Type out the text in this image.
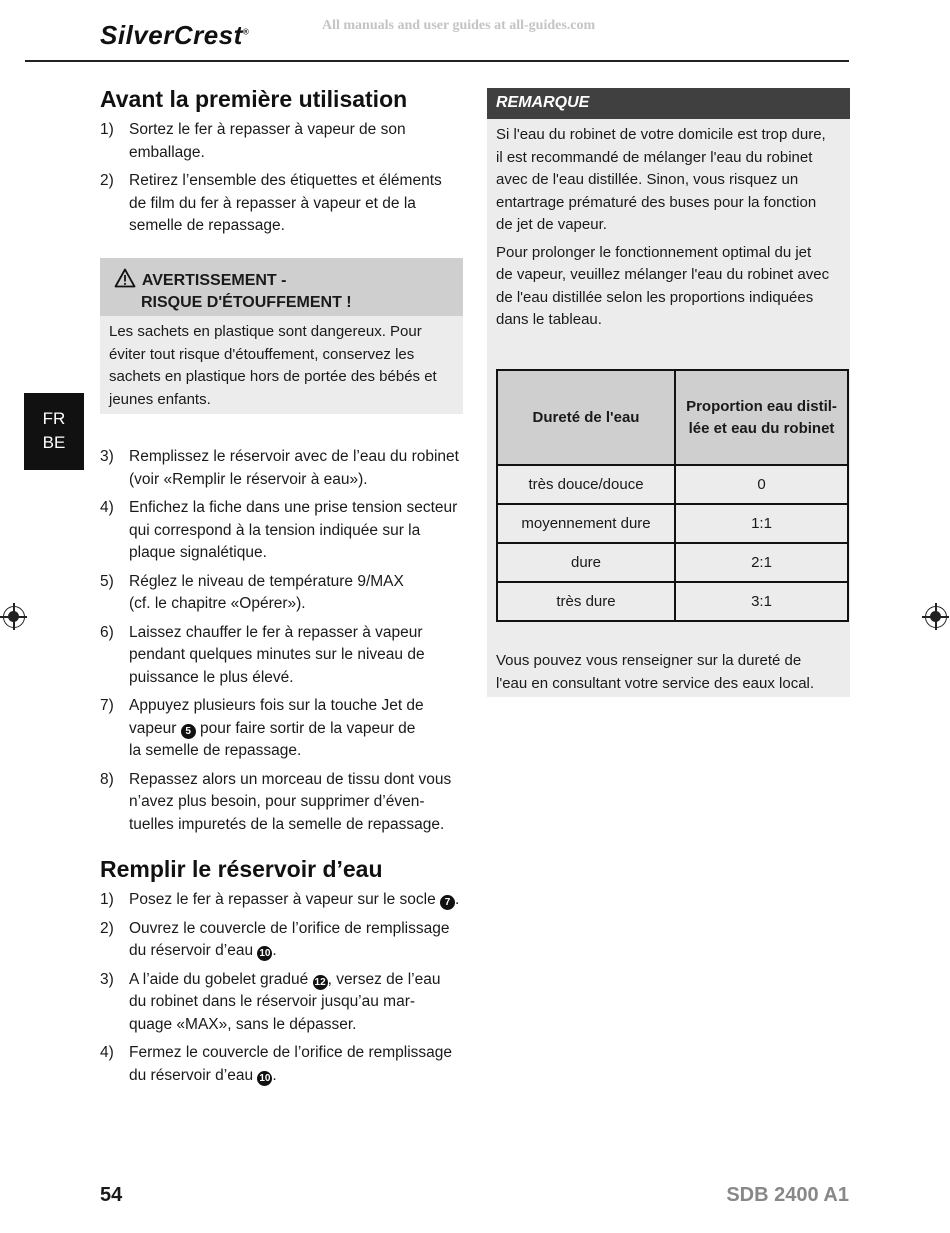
SilverCrest®	All manuals and user guides at all-guides.com
FR
BE
Avant la première utilisation
1) Sortez le fer à repasser à vapeur de son
emballage.
2) Retirez l’ensemble des étiquettes et éléments
de film du fer à repasser à vapeur et de la
semelle de repassage.
AVERTISSEMENT -
RISQUE D'ÉTOUFFEMENT !
Les sachets en plastique sont dangereux. Pour
éviter tout risque d'étouffement, conservez les
sachets en plastique hors de portée des bébés et
jeunes enfants.
3) Remplissez le réservoir avec de l’eau du robinet
(voir «Remplir le réservoir à eau»).
4) Enfichez la fiche dans une prise tension secteur
qui correspond à la tension indiquée sur la
plaque signalétique.
5) Réglez le niveau de température 9/MAX
(cf. le chapitre «Opérer»).
6) Laissez chauffer le fer à repasser à vapeur
pendant quelques minutes sur le niveau de
puissance le plus élevé.
7) Appuyez plusieurs fois sur la touche Jet de
vapeur 5 pour faire sortir de la vapeur de
la semelle de repassage.
8) Repassez alors un morceau de tissu dont vous
n’avez plus besoin, pour supprimer d’éven-
tuelles impuretés de la semelle de repassage.
Remplir le réservoir d’eau
1) Posez le fer à repasser à vapeur sur le socle 7 .
2) Ouvrez le couvercle de l’orifice de remplissage
du réservoir d’eau 10 .
3) A l’aide du gobelet gradué 12 , versez de l’eau
du robinet dans le réservoir jusqu’au mar-
quage «MAX», sans le dépasser.
4) Fermez le couvercle de l’orifice de remplissage
du réservoir d’eau 10 .
REMARQUE

Si l'eau du robinet de votre domicile est trop dure,
il est recommandé de mélanger l'eau du robinet
avec de l'eau distillée. Sinon, vous risquez un
entartrage prématuré des buses pour la fonction
de jet de vapeur.

Pour prolonger le fonctionnement optimal du jet
de vapeur, veuillez mélanger l'eau du robinet avec
de l'eau distillée selon les proportions indiquées
dans le tableau.

Vous pouvez vous renseigner sur la dureté de
l'eau en consultant votre service des eaux local.

Dureté de l'eau	Proportion eau distil-
lée et eau du robinet
très douce/douce	0
moyennement dure	1:1
dure	2:1
très dure	3:1
54	SDB 2400 A1
